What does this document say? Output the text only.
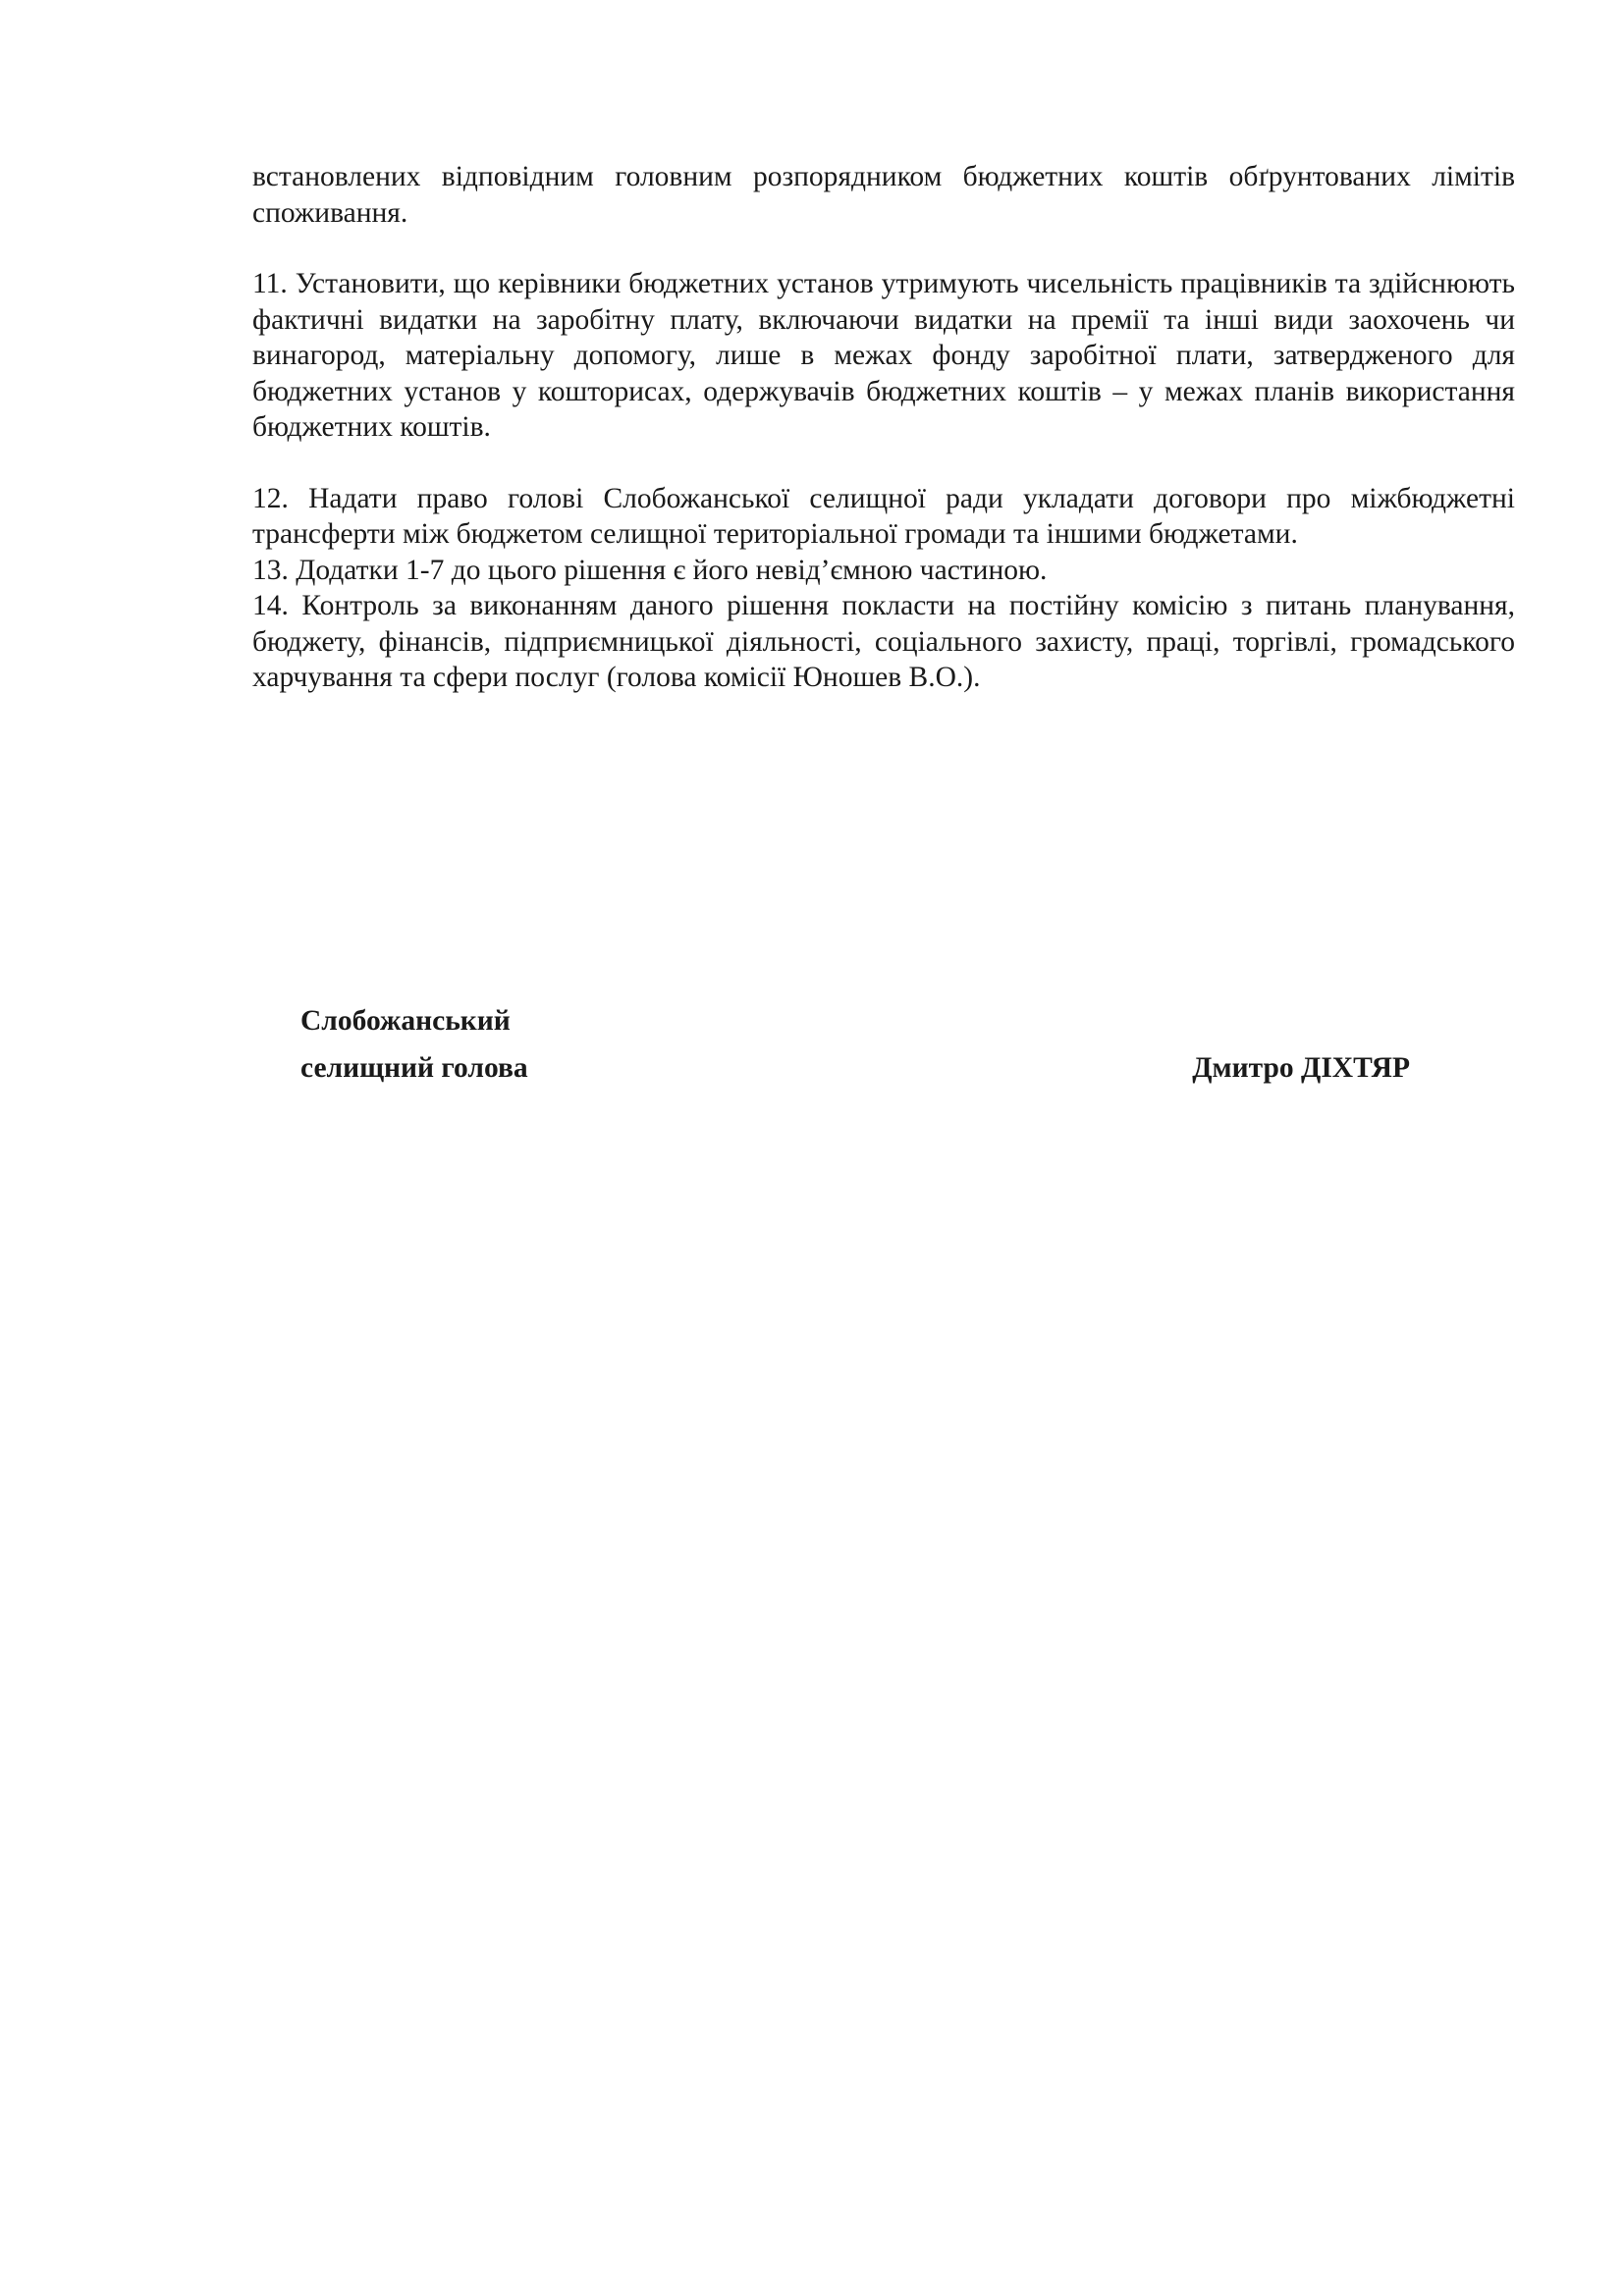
встановлених відповідним головним розпорядником бюджетних коштів обґрунтованих лімітів споживання.

11. Установити, що керівники бюджетних установ утримують чисельність працівників та здійснюють фактичні видатки на заробітну плату, включаючи видатки на премії та інші види заохочень чи винагород, матеріальну допомогу, лише в межах фонду заробітної плати, затвердженого для бюджетних установ у кошторисах, одержувачів бюджетних коштів – у межах планів використання бюджетних коштів.

12. Надати право голові Слобожанської селищної ради укладати договори про міжбюджетні трансферти між бюджетом селищної територіальної громади та іншими бюджетами.

13. Додатки 1-7 до цього рішення є його невід’ємною частиною.

14. Контроль за виконанням даного рішення покласти на постійну комісію з питань планування, бюджету, фінансів, підприємницької діяльності, соціального захисту, праці, торгівлі, громадського харчування та сфери послуг (голова комісії Юношев В.О.).

Слобожанський
селищний голова	Дмитро ДІХТЯР
